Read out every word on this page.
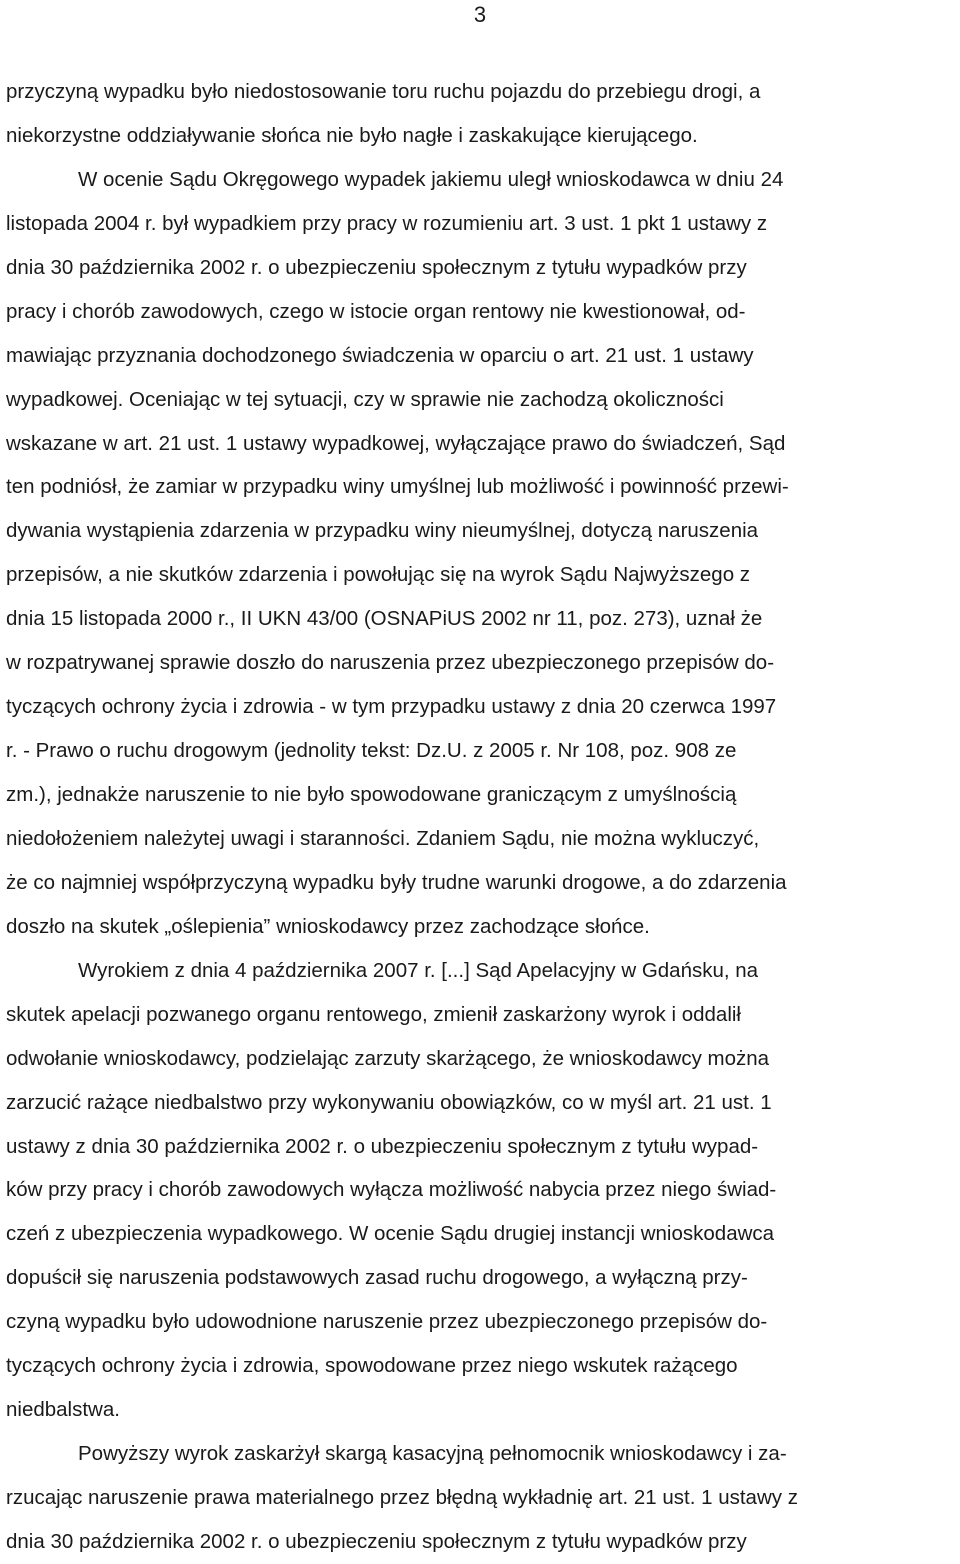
3
przyczyną wypadku było niedostosowanie toru ruchu pojazdu do przebiegu drogi, a
niekorzystne oddziaływanie słońca nie było nagłe i zaskakujące kierującego.
W ocenie Sądu Okręgowego wypadek jakiemu uległ wnioskodawca w dniu 24
listopada 2004 r. był wypadkiem przy pracy w rozumieniu art. 3 ust. 1 pkt 1 ustawy z
dnia 30 października 2002 r. o ubezpieczeniu społecznym z tytułu wypadków przy
pracy i chorób zawodowych, czego w istocie organ rentowy nie kwestionował, od-
mawiając przyznania dochodzonego świadczenia w oparciu o art. 21 ust. 1 ustawy
wypadkowej. Oceniając w tej sytuacji, czy w sprawie nie zachodzą okoliczności
wskazane w art. 21 ust. 1 ustawy wypadkowej, wyłączające prawo do świadczeń, Sąd
ten podniósł, że zamiar w przypadku winy umyślnej lub możliwość i powinność przewi-
dywania wystąpienia zdarzenia w przypadku winy nieumyślnej, dotyczą naruszenia
przepisów, a nie skutków zdarzenia i powołując się na wyrok Sądu Najwyższego z
dnia 15 listopada 2000 r., II UKN 43/00 (OSNAPiUS 2002 nr 11, poz. 273), uznał że
w rozpatrywanej sprawie doszło do naruszenia przez ubezpieczonego przepisów do-
tyczących ochrony życia i zdrowia - w tym przypadku ustawy z dnia 20 czerwca 1997
r. - Prawo o ruchu drogowym (jednolity tekst: Dz.U. z 2005 r. Nr 108, poz. 908 ze
zm.), jednakże naruszenie to nie było spowodowane graniczącym z umyślnością
niedołożeniem należytej uwagi i staranności. Zdaniem Sądu, nie można wykluczyć,
że co najmniej współprzyczyną wypadku były trudne warunki drogowe, a do zdarzenia
doszło na skutek „oślepienia” wnioskodawcy przez zachodzące słońce.
Wyrokiem z dnia 4 października 2007 r. [...] Sąd Apelacyjny w Gdańsku, na
skutek apelacji pozwanego organu rentowego, zmienił zaskarżony wyrok i oddalił
odwołanie wnioskodawcy, podzielając zarzuty skarżącego, że wnioskodawcy można
zarzucić rażące niedbalstwo przy wykonywaniu obowiązków, co w myśl art. 21 ust. 1
ustawy z dnia 30 października 2002 r. o ubezpieczeniu społecznym z tytułu wypad-
ków przy pracy i chorób zawodowych wyłącza możliwość nabycia przez niego świad-
czeń z ubezpieczenia wypadkowego. W ocenie Sądu drugiej instancji wnioskodawca
dopuścił się naruszenia podstawowych zasad ruchu drogowego, a wyłączną przy-
czyną wypadku było udowodnione naruszenie przez ubezpieczonego przepisów do-
tyczących ochrony życia i zdrowia, spowodowane przez niego wskutek rażącego
niedbalstwa.
Powyższy wyrok zaskarżył skargą kasacyjną pełnomocnik wnioskodawcy i za-
rzucając naruszenie prawa materialnego przez błędną wykładnię art. 21 ust. 1 ustawy z
dnia 30 października 2002 r. o ubezpieczeniu społecznym z tytułu wypadków przy
